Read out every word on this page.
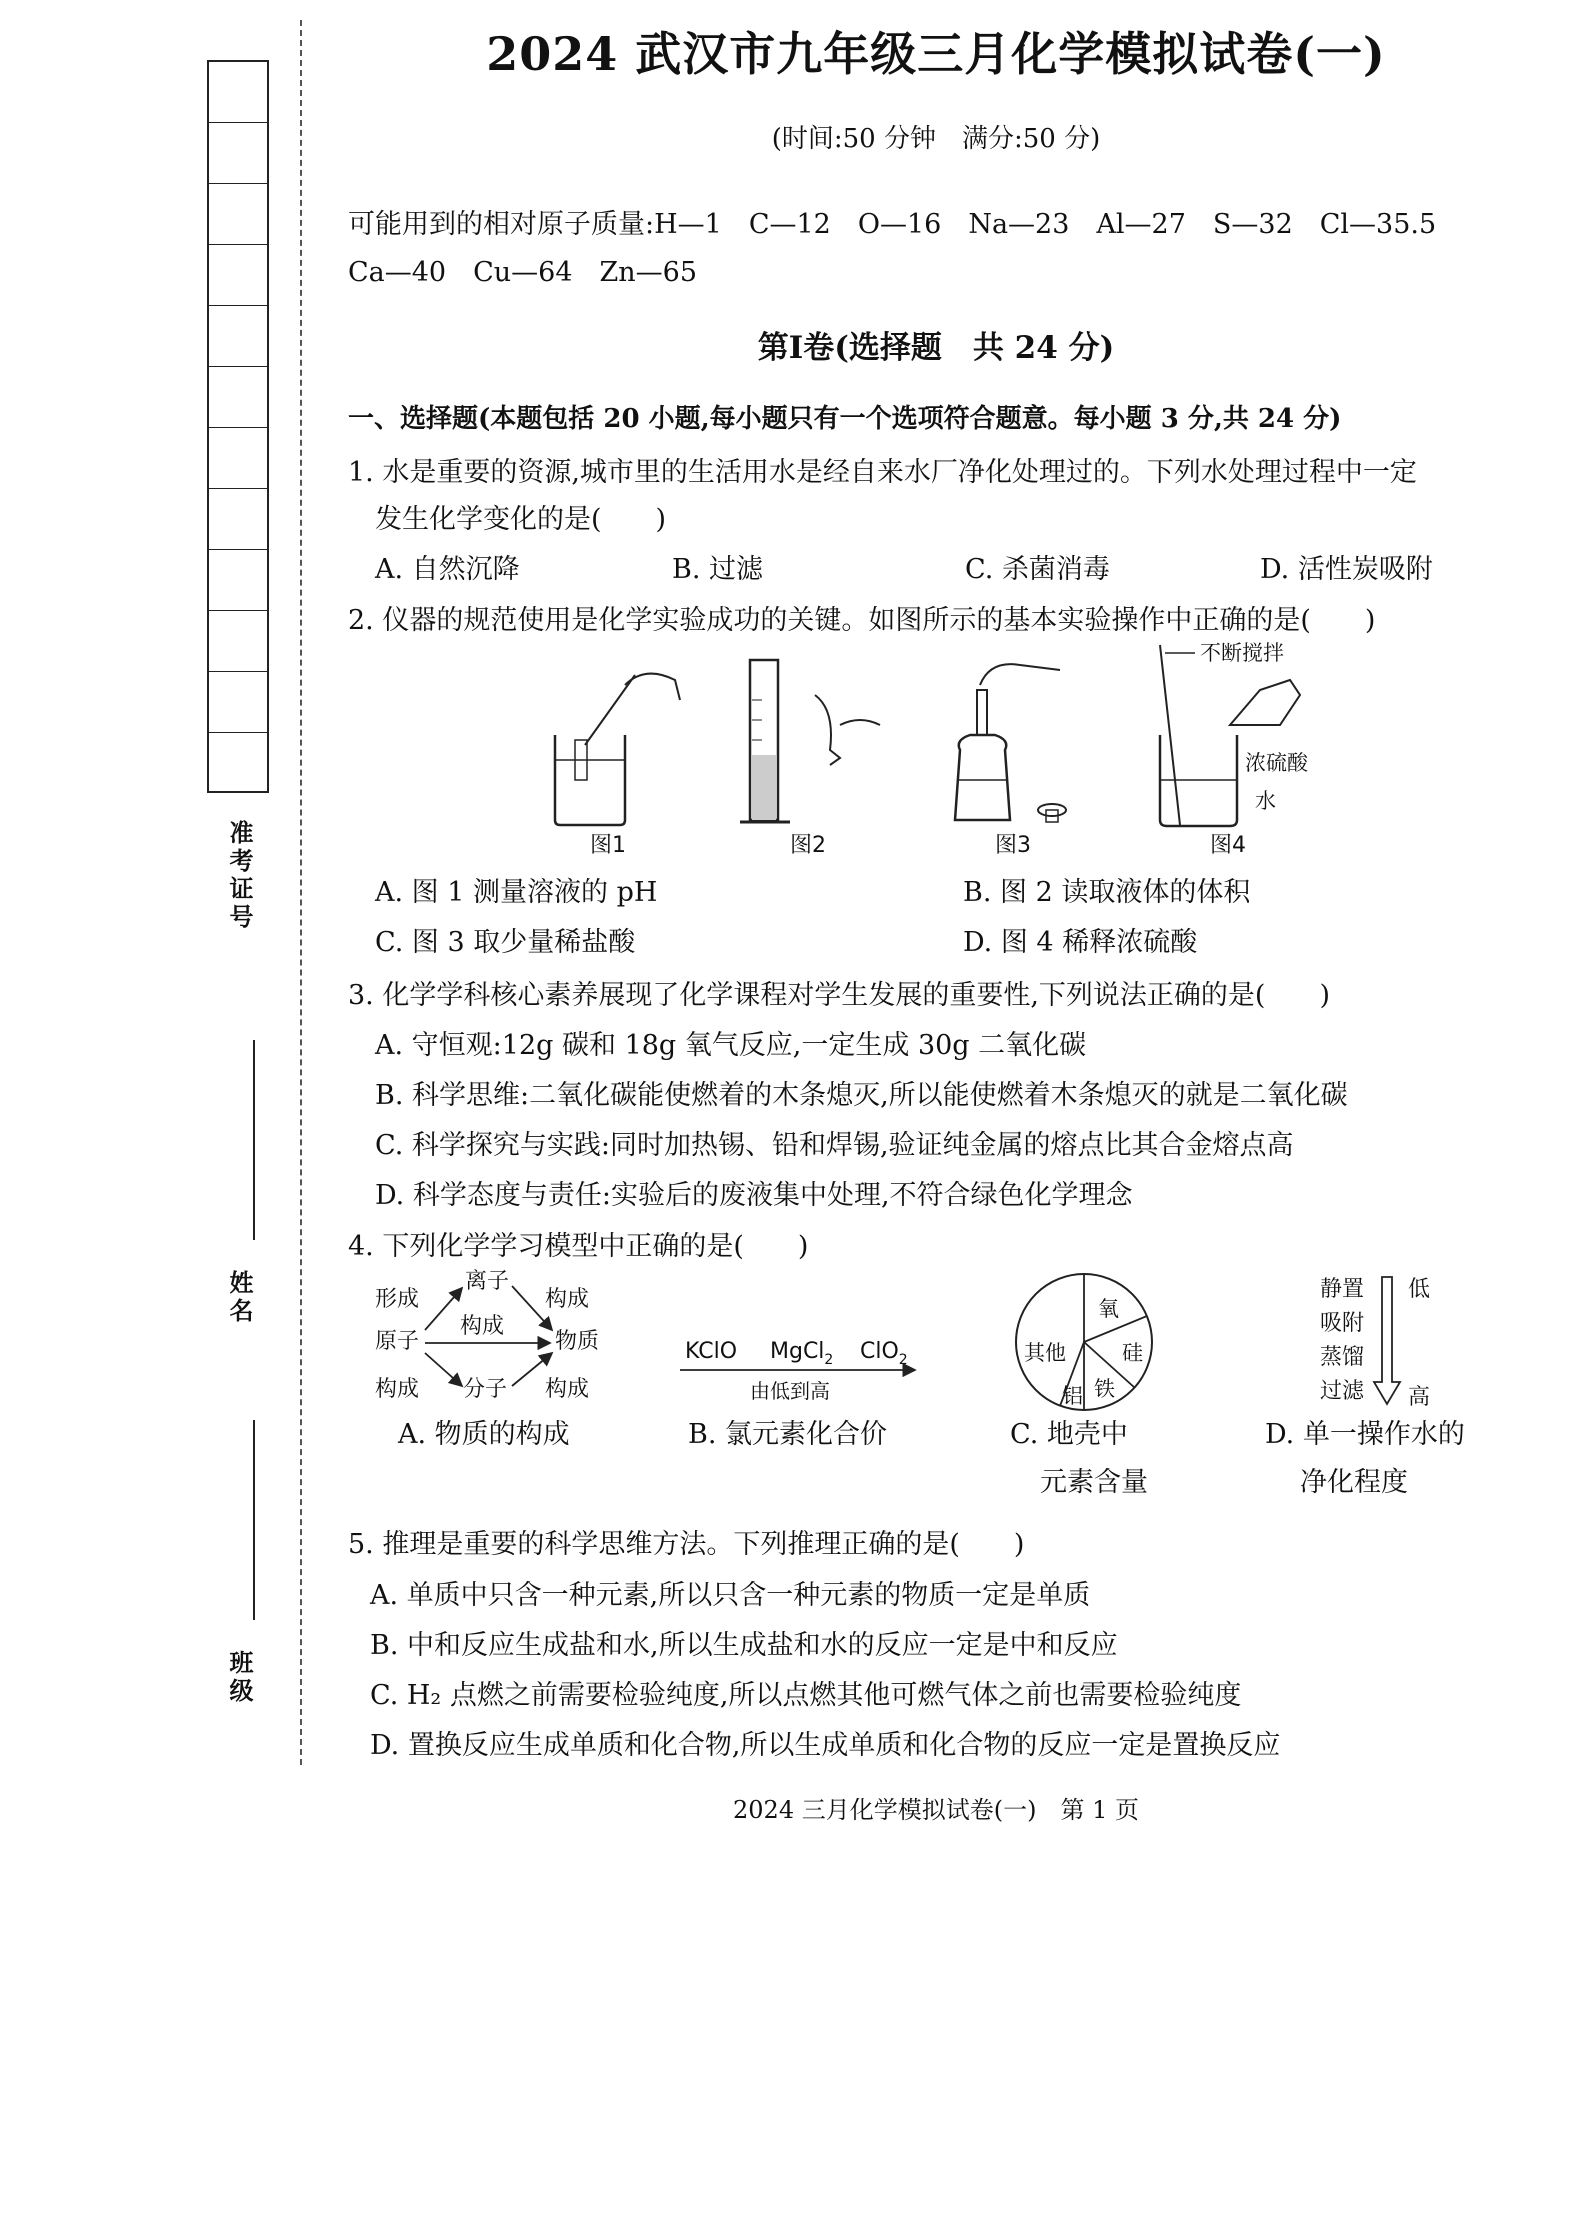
准考证号
姓名
班级
2024 武汉市九年级三月化学模拟试卷(一)
(时间:50 分钟　满分:50 分)
可能用到的相对原子质量:H—1　C—12　O—16　Na—23　Al—27　S—32　Cl—35.5
Ca—40　Cu—64　Zn—65
第Ⅰ卷(选择题　共 24 分)
一、选择题(本题包括 20 小题,每小题只有一个选项符合题意。每小题 3 分,共 24 分)
1. 水是重要的资源,城市里的生活用水是经自来水厂净化处理过的。下列水处理过程中一定
发生化学变化的是(　　)
A. 自然沉降	B. 过滤	C. 杀菌消毒	D. 活性炭吸附
2. 仪器的规范使用是化学实验成功的关键。如图所示的基本实验操作中正确的是(　　)
不断搅拌
浓硫酸
水
图1	图2	图3	图4
A. 图 1 测量溶液的 pH	B. 图 2 读取液体的体积
C. 图 3 取少量稀盐酸	D. 图 4 稀释浓硫酸
3. 化学学科核心素养展现了化学课程对学生发展的重要性,下列说法正确的是(　　)
A. 守恒观:12g 碳和 18g 氧气反应,一定生成 30g 二氧化碳
B. 科学思维:二氧化碳能使燃着的木条熄灭,所以能使燃着木条熄灭的就是二氧化碳
C. 科学探究与实践:同时加热锡、铅和焊锡,验证纯金属的熔点比其合金熔点高
D. 科学态度与责任:实验后的废液集中处理,不符合绿色化学理念
4. 下列化学学习模型中正确的是(　　)
形成
离子
构成
原子
构成
物质
构成 分子 构成
A. 物质的构成
KClO MgCl$_2$ ClO$_2$
由低到高
B. 氯元素化合价
氧
硅
铁
铝
其他
C. 地壳中
元素含量
静置
吸附
蒸馏
过滤
低
高
D. 单一操作水的
净化程度
5. 推理是重要的科学思维方法。下列推理正确的是(　　)
A. 单质中只含一种元素,所以只含一种元素的物质一定是单质
B. 中和反应生成盐和水,所以生成盐和水的反应一定是中和反应
C. H₂ 点燃之前需要检验纯度,所以点燃其他可燃气体之前也需要检验纯度
D. 置换反应生成单质和化合物,所以生成单质和化合物的反应一定是置换反应
2024 三月化学模拟试卷(一)　第 1 页
